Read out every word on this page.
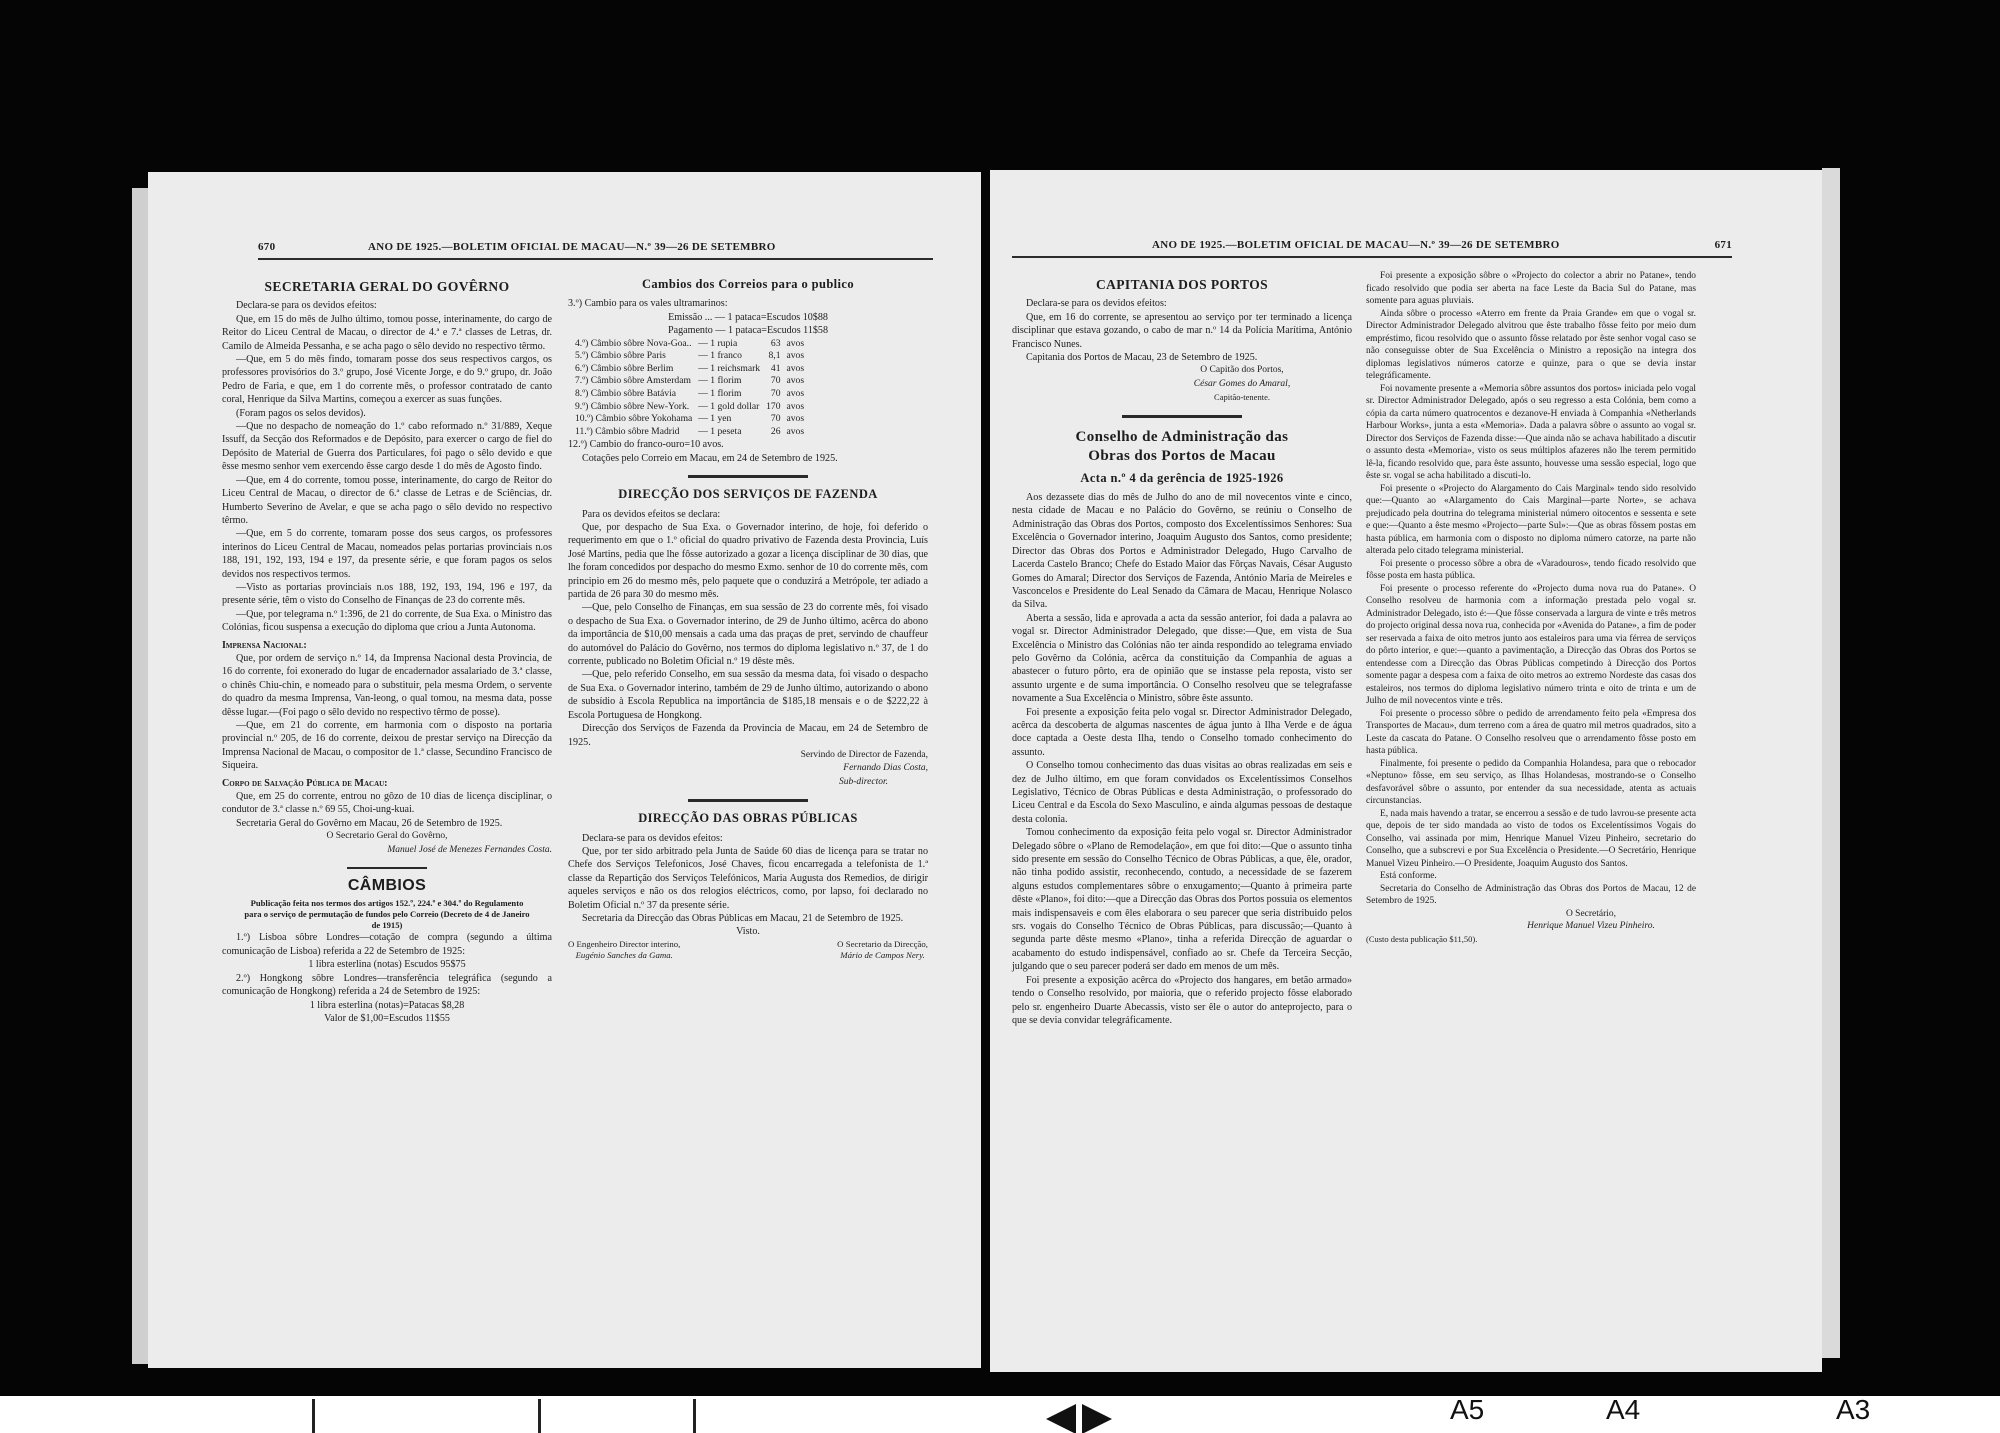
670	ANO DE 1925.—BOLETIM OFICIAL DE MACAU—N.º 39—26 DE SETEMBRO
SECRETARIA GERAL DO GOVÊRNO

Declara-se para os devidos efeitos:

Que, em 15 do mês de Julho último, tomou posse, interinamente, do cargo de Reitor do Liceu Central de Macau, o director de 4.ª e 7.ª classes de Letras, dr. Camilo de Almeida Pessanha, e se acha pago o sêlo devido no respectivo têrmo.

—Que, em 5 do mês findo, tomaram posse dos seus respectivos cargos, os professores provisórios do 3.º grupo, José Vicente Jorge, e do 9.º grupo, dr. João Pedro de Faria, e que, em 1 do corrente mês, o professor contratado de canto coral, Henrique da Silva Martins, começou a exercer as suas funções.

(Foram pagos os selos devidos).

—Que no despacho de nomeação do 1.º cabo reformado n.º 31/889, Xeque Issuff, da Secção dos Reformados e de Depósito, para exercer o cargo de fiel do Depósito de Material de Guerra dos Particulares, foi pago o sêlo devido e que êsse mesmo senhor vem exercendo êsse cargo desde 1 do mês de Agosto findo.

—Que, em 4 do corrente, tomou posse, interinamente, do cargo de Reitor do Liceu Central de Macau, o director de 6.ª classe de Letras e de Sciências, dr. Humberto Severino de Avelar, e que se acha pago o sêlo devido no respectivo têrmo.

—Que, em 5 do corrente, tomaram posse dos seus cargos, os professores interinos do Liceu Central de Macau, nomeados pelas portarias provinciais n.os 188, 191, 192, 193, 194 e 197, da presente série, e que foram pagos os selos devidos nos respectivos termos.

—Visto as portarias provinciais n.os 188, 192, 193, 194, 196 e 197, da presente série, têm o visto do Conselho de Finanças de 23 do corrente mês.

—Que, por telegrama n.º 1:396, de 21 do corrente, de Sua Exa. o Ministro das Colónias, ficou suspensa a execução do diploma que criou a Junta Autonoma.

Imprensa Nacional:

Que, por ordem de serviço n.º 14, da Imprensa Nacional desta Provincia, de 16 do corrente, foi exonerado do lugar de encadernador assalariado de 3.ª classe, o chinês Chiu-chin, e nomeado para o substituir, pela mesma Ordem, o servente do quadro da mesma Imprensa, Van-leong, o qual tomou, na mesma data, posse dêsse lugar.—(Foi pago o sêlo devido no respectivo têrmo de posse).

—Que, em 21 do corrente, em harmonia com o disposto na portaria provincial n.º 205, de 16 do corrente, deixou de prestar serviço na Direcção da Imprensa Nacional de Macau, o compositor de 1.ª classe, Secundino Francisco de Siqueira.

Corpo de Salvação Pública de Macau:

Que, em 25 do corrente, entrou no gôzo de 10 dias de licença disciplinar, o condutor de 3.ª classe n.º 69 55, Choi-ung-kuai.

Secretaria Geral do Govêrno em Macau, 26 de Setembro de 1925.

O Secretario Geral do Govêrno,

Manuel José de Menezes Fernandes Costa.

CÂMBIOS

Publicação feita nos termos dos artigos 152.º, 224.º e 304.º do Regulamento para o serviço de permutação de fundos pelo Correio (Decreto de 4 de Janeiro de 1915)

1.º) Lisboa sôbre Londres—cotação de compra (segundo a última comunicação de Lisboa) referida a 22 de Setembro de 1925:

1 libra esterlina (notas) Escudos 95$75

2.º) Hongkong sôbre Londres—transferência telegráfica (segundo a comunicação de Hongkong) referida a 24 de Setembro de 1925:

1 libra esterlina (notas)=Patacas $8,28

Valor de $1,00=Escudos 11$55

Cambios dos Correios para o publico

3.º) Cambio para os vales ultramarinos:

Emissão ... — 1 pataca=Escudos 10$88

Pagamento — 1 pataca=Escudos 11$58

4.º) Câmbio sôbre Nova-Goa..	— 1 rupia	63	avos
5.º) Câmbio sôbre Paris	— 1 franco	8,1	avos
6.º) Câmbio sôbre Berlim	— 1 reichsmark	41	avos
7.º) Câmbio sôbre Amsterdam	— 1 florim	70	avos
8.º) Câmbio sôbre Batávia	— 1 florim	70	avos
9.º) Câmbio sôbre New-York.	— 1 gold dollar	170	avos
10.º) Câmbio sôbre Yokohama	— 1 yen	70	avos
11.º) Câmbio sôbre Madrid	— 1 peseta	26	avos

12.º) Cambio do franco-ouro=10 avos.

Cotações pelo Correio em Macau, em 24 de Setembro de 1925.

DIRECÇÃO DOS SERVIÇOS DE FAZENDA

Para os devidos efeitos se declara:

Que, por despacho de Sua Exa. o Governador interino, de hoje, foi deferido o requerimento em que o 1.º oficial do quadro privativo de Fazenda desta Provincia, Luís José Martins, pedia que lhe fôsse autorizado a gozar a licença disciplinar de 30 dias, que lhe foram concedidos por despacho do mesmo Exmo. senhor de 10 do corrente mês, com principio em 26 do mesmo mês, pelo paquete que o conduzirá a Metrópole, ter adiado a partida de 26 para 30 do mesmo mês.

—Que, pelo Conselho de Finanças, em sua sessão de 23 do corrente mês, foi visado o despacho de Sua Exa. o Governador interino, de 29 de Junho último, acêrca do abono da importância de $10,00 mensais a cada uma das praças de pret, servindo de chauffeur do automóvel do Palácio do Govêrno, nos termos do diploma legislativo n.º 37, de 1 do corrente, publicado no Boletim Oficial n.º 19 dêste mês.

—Que, pelo referido Conselho, em sua sessão da mesma data, foi visado o despacho de Sua Exa. o Governador interino, também de 29 de Junho último, autorizando o abono de subsídio à Escola Republica na importância de $185,18 mensais e o de $222,22 à Escola Portuguesa de Hongkong.

Direcção dos Serviços de Fazenda da Provincia de Macau, em 24 de Setembro de 1925.

Servindo de Director de Fazenda,

Fernando Dias Costa,

Sub-director.

DIRECÇÃO DAS OBRAS PÚBLICAS

Declara-se para os devidos efeitos:

Que, por ter sido arbitrado pela Junta de Saúde 60 dias de licença para se tratar no Chefe dos Serviços Telefonicos, José Chaves, ficou encarregada a telefonista de 1.ª classe da Repartição dos Serviços Telefónicos, Maria Augusta dos Remedios, de dirigir aqueles serviços e não os dos relogios eléctricos, como, por lapso, foi declarado no Boletim Oficial n.º 37 da presente série.

Secretaria da Direcção das Obras Públicas em Macau, 21 de Setembro de 1925.

Visto.

O Engenheiro Director interino,
Eugénio Sanches da Gama.
O Secretario da Direcção,
Mário de Campos Nery.
ANO DE 1925.—BOLETIM OFICIAL DE MACAU—N.º 39—26 DE SETEMBRO	671
CAPITANIA DOS PORTOS

Declara-se para os devidos efeitos:

Que, em 16 do corrente, se apresentou ao serviço por ter terminado a licença disciplinar que estava gozando, o cabo de mar n.º 14 da Polícia Marítima, António Francisco Nunes.

Capitania dos Portos de Macau, 23 de Setembro de 1925.

O Capitão dos Portos,

César Gomes do Amaral,

Capitão-tenente.

Conselho de Administração das Obras dos Portos de Macau
Acta n.º 4 da gerência de 1925-1926

Aos dezassete dias do mês de Julho do ano de mil novecentos vinte e cinco, nesta cidade de Macau e no Palácio do Govêrno, se reúniu o Conselho de Administração das Obras dos Portos, composto dos Excelentíssimos Senhores: Sua Excelência o Governador interino, Joaquim Augusto dos Santos, como presidente; Director das Obras dos Portos e Administrador Delegado, Hugo Carvalho de Lacerda Castelo Branco; Chefe do Estado Maior das Fôrças Navais, César Augusto Gomes do Amaral; Director dos Serviços de Fazenda, António Maria de Meireles e Vasconcelos e Presidente do Leal Senado da Câmara de Macau, Henrique Nolasco da Silva.

Aberta a sessão, lida e aprovada a acta da sessão anterior, foi dada a palavra ao vogal sr. Director Administrador Delegado, que disse:—Que, em vista de Sua Excelência o Ministro das Colónias não ter ainda respondido ao telegrama enviado pelo Govêrno da Colónia, acêrca da constituição da Companhia de aguas a abastecer o futuro pôrto, era de opinião que se instasse pela reposta, visto ser assunto urgente e de suma importância. O Conselho resolveu que se telegrafasse novamente a Sua Excelência o Ministro, sôbre êste assunto.

Foi presente a exposição feita pelo vogal sr. Director Administrador Delegado, acêrca da descoberta de algumas nascentes de água junto à Ilha Verde e de água doce captada a Oeste desta Ilha, tendo o Conselho tomado conhecimento do assunto.

O Conselho tomou conhecimento das duas visitas ao obras realizadas em seis e dez de Julho último, em que foram convidados os Excelentíssimos Conselhos Legislativo, Técnico de Obras Públicas e desta Administração, o professorado do Liceu Central e da Escola do Sexo Masculino, e ainda algumas pessoas de destaque desta colonia.

Tomou conhecimento da exposição feita pelo vogal sr. Director Administrador Delegado sôbre o «Plano de Remodelação», em que foi dito:—Que o assunto tinha sido presente em sessão do Conselho Técnico de Obras Públicas, a que, êle, orador, não tinha podido assistir, reconhecendo, contudo, a necessidade de se fazerem alguns estudos complementares sôbre o enxugamento;—Quanto à primeira parte dêste «Plano», foi dito:—que a Direcção das Obras dos Portos possuia os elementos mais indispensaveis e com êles elaborara o seu parecer que seria distribuido pelos srs. vogais do Conselho Técnico de Obras Públicas, para discussão;—Quanto à segunda parte dêste mesmo «Plano», tinha a referida Direcção de aguardar o acabamento do estudo indispensável, confiado ao sr. Chefe da Terceira Secção, julgando que o seu parecer poderá ser dado em menos de um mês.

Foi presente a exposição acêrca do «Projecto dos hangares, em betão armado» tendo o Conselho resolvido, por maioria, que o referido projecto fôsse elaborado pelo sr. engenheiro Duarte Abecassis, visto ser êle o autor do anteprojecto, para o que se devia convidar telegráficamente.

Foi presente a exposição sôbre o «Projecto do colector a abrir no Patane», tendo ficado resolvido que podia ser aberta na face Leste da Bacia Sul do Patane, mas somente para aguas pluviais.

Ainda sôbre o processo «Aterro em frente da Praia Grande» em que o vogal sr. Director Administrador Delegado alvitrou que êste trabalho fôsse feito por meio dum empréstimo, ficou resolvido que o assunto fôsse relatado por êste senhor vogal caso se não conseguisse obter de Sua Excelência o Ministro a reposição na integra dos diplomas legislativos números catorze e quinze, para o que se devia instar telegráficamente.

Foi novamente presente a «Memoria sôbre assuntos dos portos» iniciada pelo vogal sr. Director Administrador Delegado, após o seu regresso a esta Colónia, bem como a cópia da carta número quatrocentos e dezanove-H enviada à Companhia «Netherlands Harbour Works», junta a esta «Memoria». Dada a palavra sôbre o assunto ao vogal sr. Director dos Serviços de Fazenda disse:—Que ainda não se achava habilitado a discutir o assunto desta «Memoria», visto os seus múltiplos afazeres não lhe terem permitido lê-la, ficando resolvido que, para êste assunto, houvesse uma sessão especial, logo que êste sr. vogal se acha habilitado a discuti-lo.

Foi presente o «Projecto do Alargamento do Cais Marginal» tendo sido resolvido que:—Quanto ao «Alargamento do Cais Marginal—parte Norte», se achava prejudicado pela doutrina do telegrama ministerial número oitocentos e sessenta e sete e que:—Quanto a êste mesmo «Projecto—parte Sul»:—Que as obras fôssem postas em hasta pública, em harmonia com o disposto no diploma número catorze, na parte não alterada pelo citado telegrama ministerial.

Foi presente o processo sôbre a obra de «Varadouros», tendo ficado resolvido que fôsse posta em hasta pública.

Foi presente o processo referente do «Projecto duma nova rua do Patane». O Conselho resolveu de harmonia com a informação prestada pelo vogal sr. Administrador Delegado, isto é:—Que fôsse conservada a largura de vinte e três metros do projecto original dessa nova rua, conhecida por «Avenida do Patane», a fim de poder ser reservada a faixa de oito metros junto aos estaleiros para uma via férrea de serviços do pôrto interior, e que:—quanto a pavimentação, a Direcção das Obras dos Portos se entendesse com a Direcção das Obras Públicas competindo à Direcção dos Portos somente pagar a despesa com a faixa de oito metros ao extremo Nordeste das casas dos estaleiros, nos termos do diploma legislativo número trinta e oito de trinta e um de Julho de mil novecentos vinte e três.

Foi presente o processo sôbre o pedido de arrendamento feito pela «Empresa dos Transportes de Macau», dum terreno com a área de quatro mil metros quadrados, sito a Leste da cascata do Patane. O Conselho resolveu que o arrendamento fôsse posto em hasta pública.

Finalmente, foi presente o pedido da Companhia Holandesa, para que o rebocador «Neptuno» fôsse, em seu serviço, as Ilhas Holandesas, mostrando-se o Conselho desfavorável sôbre o assunto, por entender da sua necessidade, atenta as actuais circunstancias.

E, nada mais havendo a tratar, se encerrou a sessão e de tudo lavrou-se presente acta que, depois de ter sido mandada ao visto de todos os Excelentíssimos Vogais do Conselho, vai assinada por mim, Henrique Manuel Vizeu Pinheiro, secretario do Conselho, que a subscrevi e por Sua Excelência o Presidente.—O Secretário, Henrique Manuel Vizeu Pinheiro.—O Presidente, Joaquim Augusto dos Santos.

Está conforme.

Secretaria do Conselho de Administração das Obras dos Portos de Macau, 12 de Setembro de 1925.

O Secretário,

Henrique Manuel Vizeu Pinheiro.

(Custo desta publicação $11,50).

A5	A4	A3
